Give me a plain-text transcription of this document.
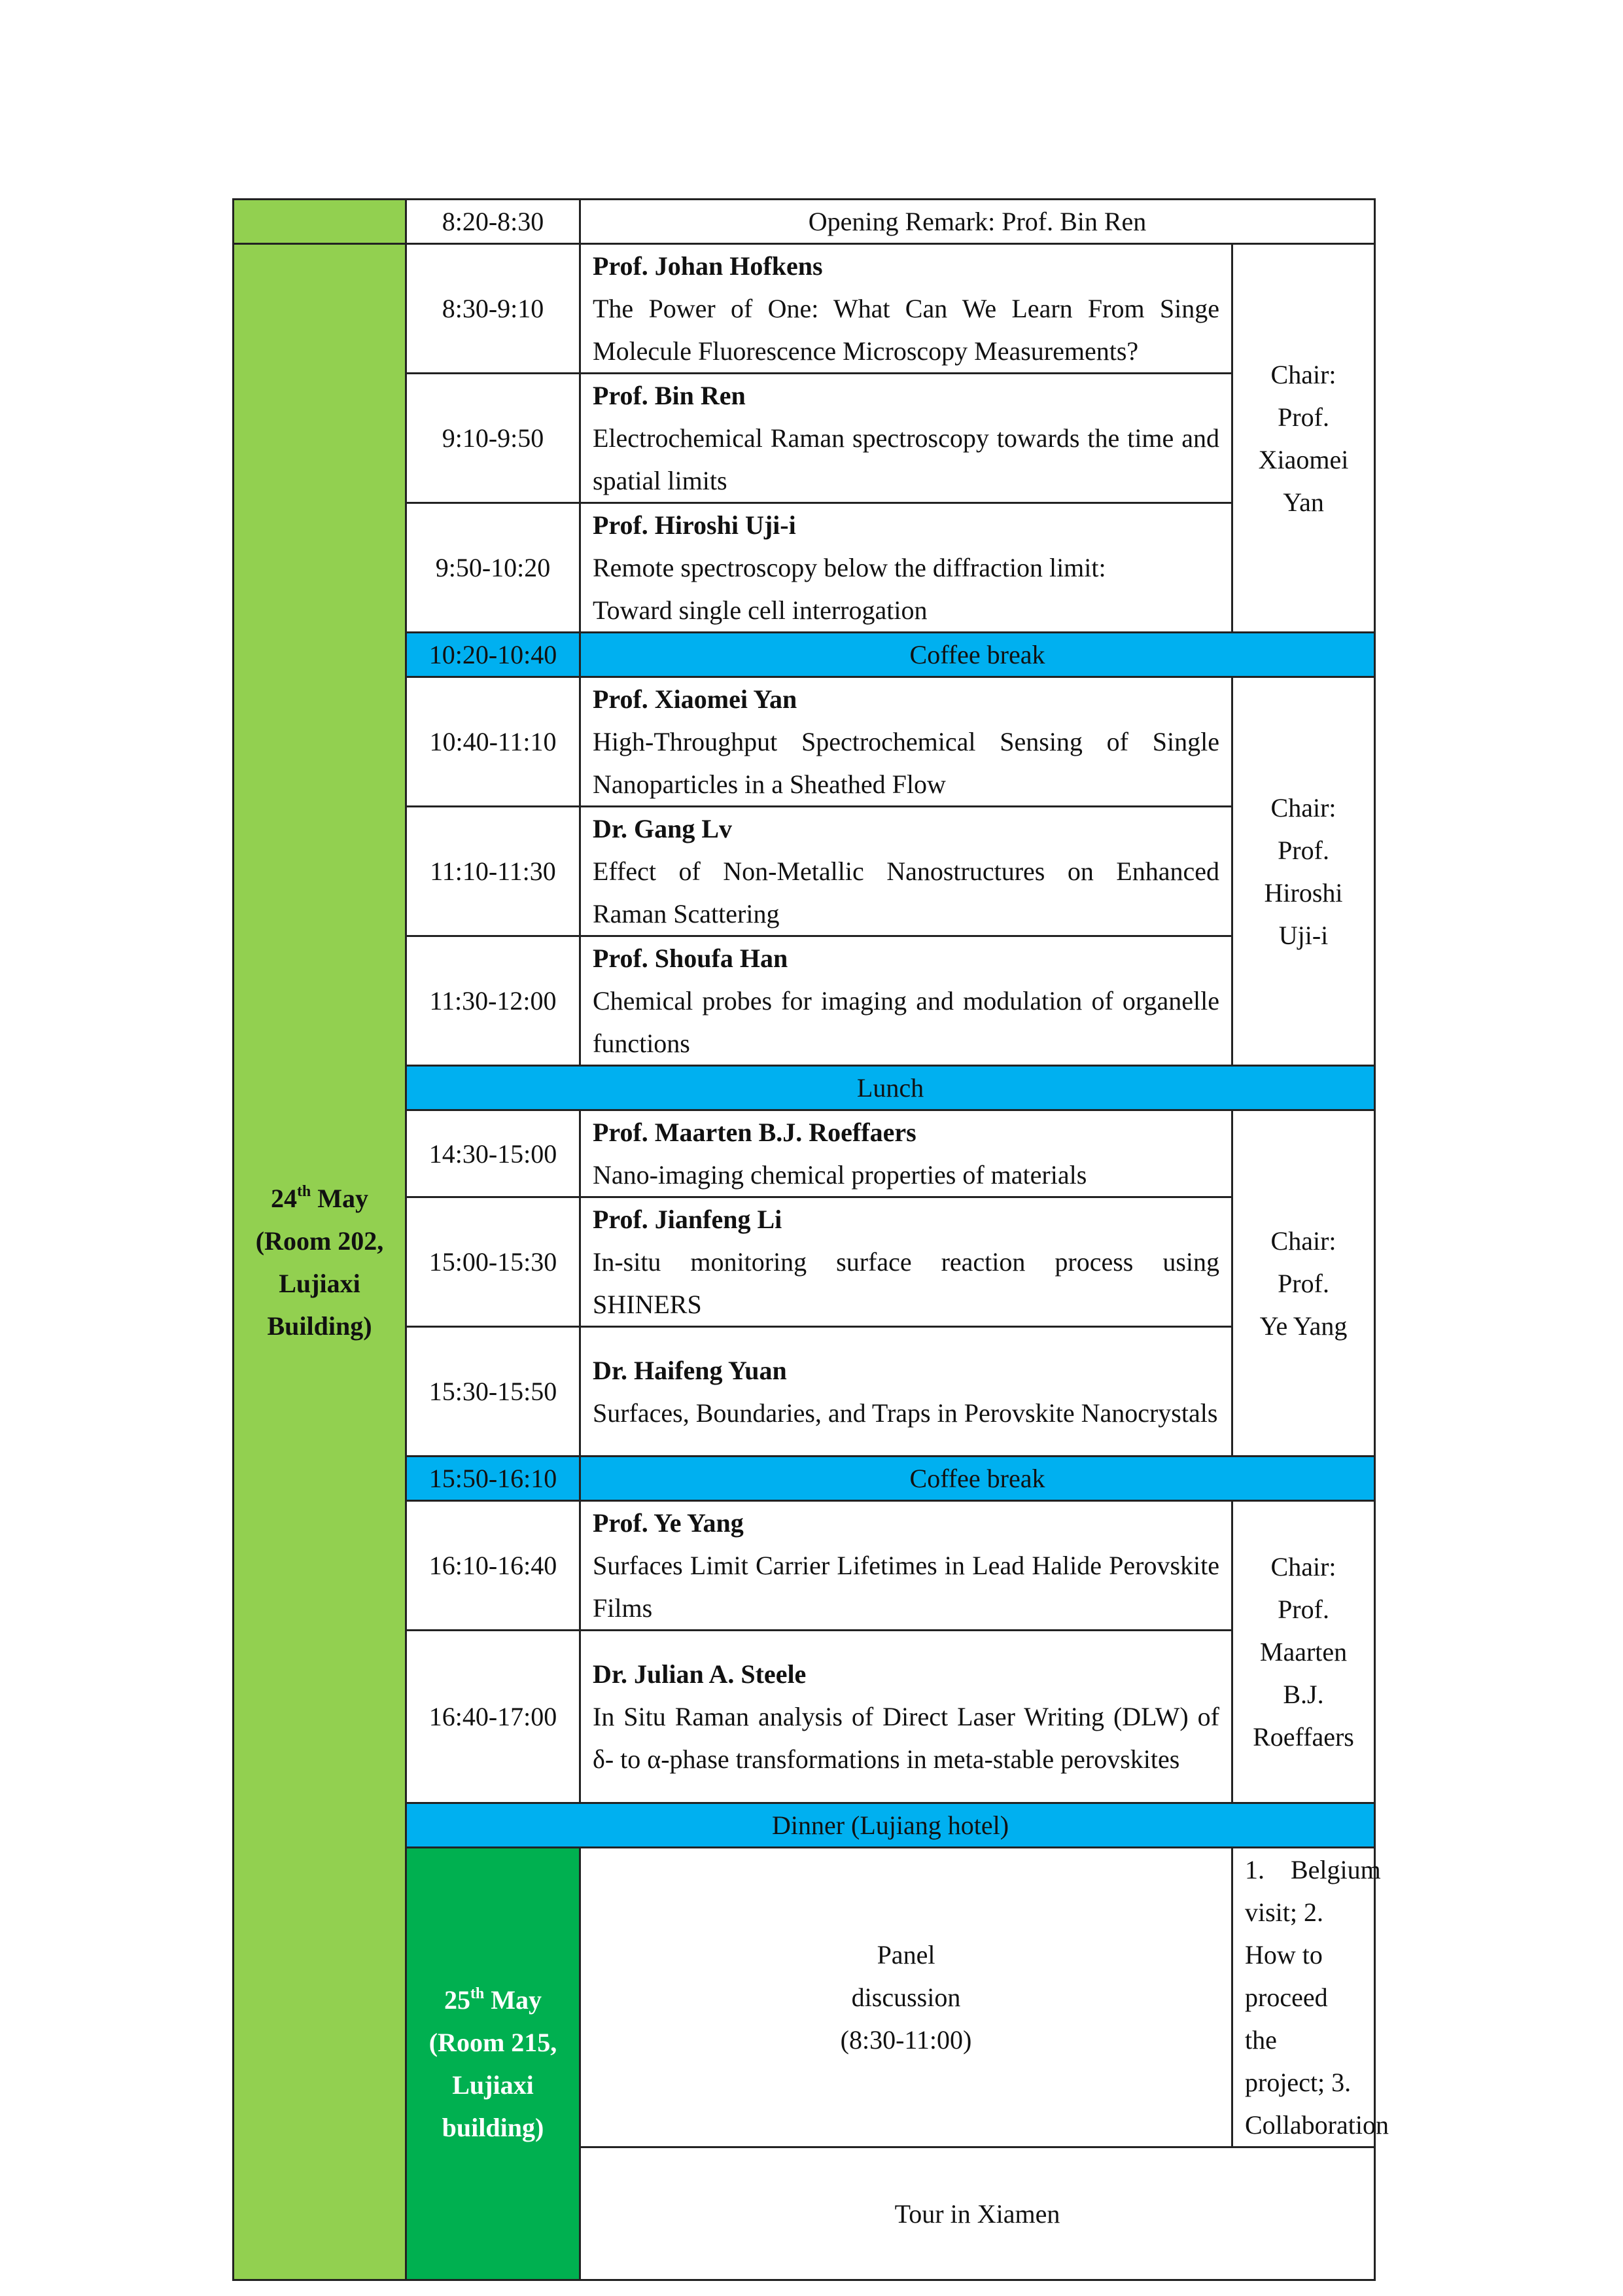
	8:20-8:30	Opening Remark: Prof. Bin Ren	
24th May
(Room 202,
Lujiaxi
Building)	8:30-9:10	Prof. Johan Hofkens
The Power of One: What Can We Learn From Singe Molecule Fluorescence Microscopy Measurements?	Chair:
Prof.
Xiaomei
Yan

	9:10-9:50	Prof. Bin Ren
Electrochemical Raman spectroscopy towards the time and spatial limits	

	9:50-10:20	Prof. Hiroshi Uji-i
Remote spectroscopy below the diffraction limit:
Toward single cell interrogation	

	10:20-10:40	Coffee break	
	10:40-11:10	Prof. Xiaomei Yan
High-Throughput Spectrochemical Sensing of Single Nanoparticles in a Sheathed Flow	Chair:
Prof.
Hiroshi
Uji-i

	11:10-11:30	Dr. Gang Lv
Effect of Non-Metallic Nanostructures on Enhanced Raman Scattering	

	11:30-12:00	Prof. Shoufa Han
Chemical probes for imaging and modulation of organelle functions	

	Lunch		
	14:30-15:00	Prof. Maarten B.J. Roeffaers
Nano-imaging chemical properties of materials	Chair:
Prof.
Ye Yang

	15:00-15:30	Prof. Jianfeng Li
In-situ monitoring surface reaction process using SHINERS	

	15:30-15:50	Dr. Haifeng Yuan
Surfaces, Boundaries, and Traps in Perovskite Nanocrystals	

	15:50-16:10	Coffee break	
	16:10-16:40	Prof. Ye Yang
Surfaces Limit Carrier Lifetimes in Lead Halide Perovskite Films	Chair:
Prof.
Maarten
B.J.
Roeffaers

	16:40-17:00	Dr. Julian A. Steele
In Situ Raman analysis of Direct Laser Writing (DLW) of δ- to α-phase transformations in meta-stable perovskites	

	Dinner (Lujiang hotel)		
	25th May
(Room 215,
Lujiaxi
building)	Panel
discussion
(8:30-11:00)	1.    Belgium visit; 2. How to proceed the project; 3. Collaboration
		Tour in Xiamen	
